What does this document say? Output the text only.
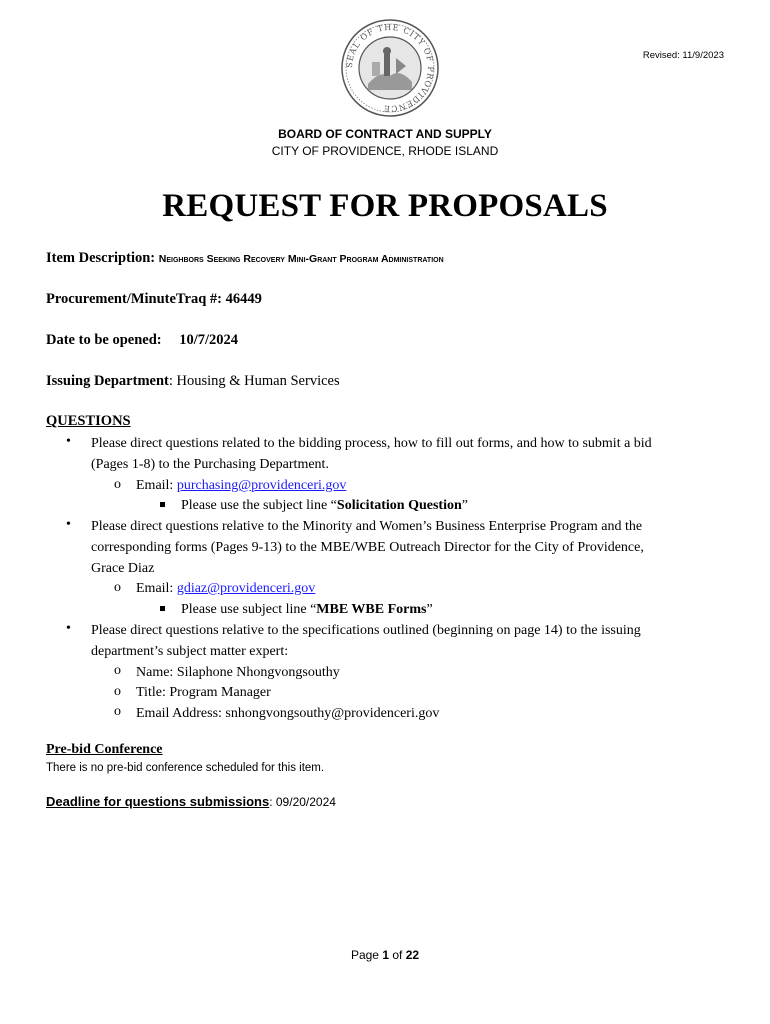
SEAL OF THE CITY OF PROVIDENCE
Revised: 11/9/2023
BOARD OF CONTRACT AND SUPPLY
CITY OF PROVIDENCE, RHODE ISLAND
REQUEST FOR PROPOSALS
Item Description: Neighbors Seeking Recovery Mini-Grant Program Administration
Procurement/MinuteTraq #: 46449
Date to be opened: 10/7/2024
Issuing Department: Housing & Human Services
QUESTIONS
• Please direct questions related to the bidding process, how to fill out forms, and how to submit a bid
(Pages 1-8) to the Purchasing Department.
o Email: purchasing@providenceri.gov
Please use the subject line “Solicitation Question”
• Please direct questions relative to the Minority and Women’s Business Enterprise Program and the
corresponding forms (Pages 9-13) to the MBE/WBE Outreach Director for the City of Providence,
Grace Diaz
o Email: gdiaz@providenceri.gov
Please use subject line “MBE WBE Forms”
• Please direct questions relative to the specifications outlined (beginning on page 14) to the issuing
department’s subject matter expert:
o Name: Silaphone Nhongvongsouthy
o Title: Program Manager
o Email Address: snhongvongsouthy@providenceri.gov
Pre-bid Conference
There is no pre-bid conference scheduled for this item.
Deadline for questions submissions: 09/20/2024
Page 1 of 22
